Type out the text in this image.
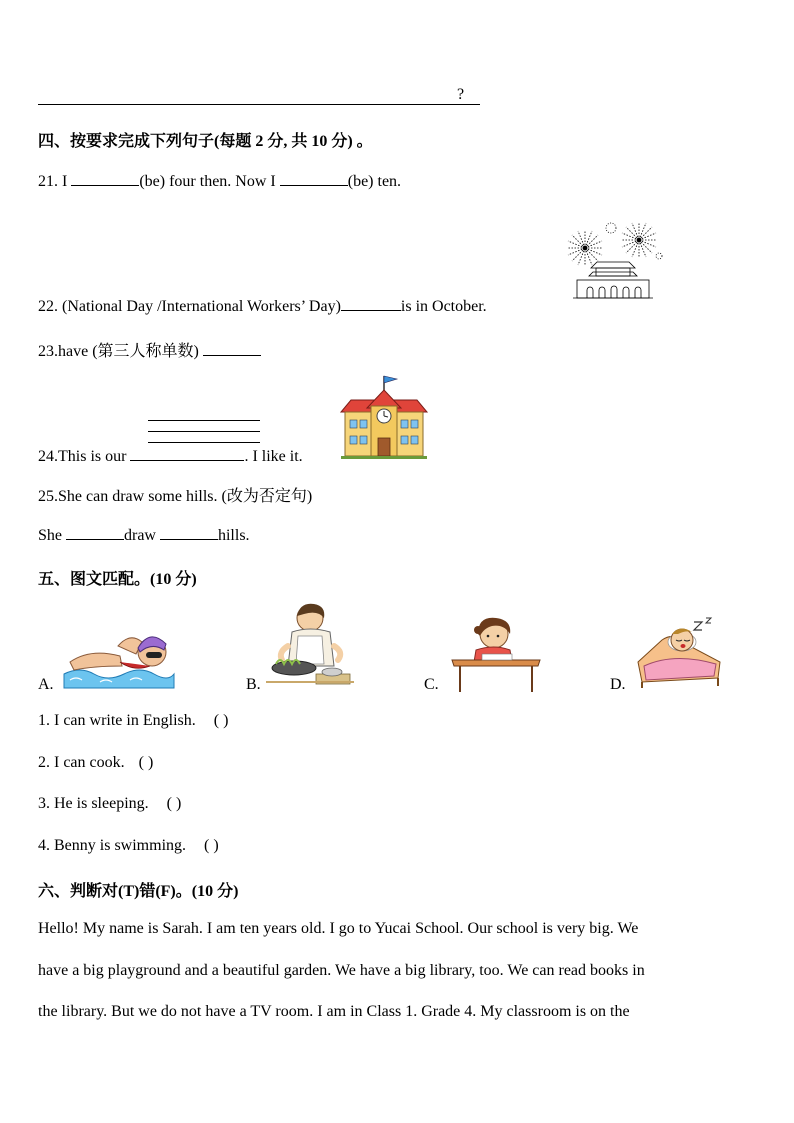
?
四、按要求完成下列句子(每题 2 分, 共 10 分) 。
21. I	(be) four then. Now I	(be) ten.
22. (National Day /International Workers’ Day)	is in October.
23.have (第三人称单数)
24.This is our	. I like it.
25.She can draw some hills. (改为否定句)
She	draw	hills.
五、图文匹配。(10 分)
A.	B.	C.	D.
1. I can write in English. ( )
2. I can cook. ( )
3. He is sleeping. ( )
4. Benny is swimming. ( )
六、判断对(T)错(F)。(10 分)
Hello! My name is Sarah. I am ten years old. I go to Yucai School. Our school is very big. We
have a big playground and a beautiful garden. We have a big library, too. We can read books in
the library. But we do not have a TV room. I am in Class 1. Grade 4. My classroom is on the
